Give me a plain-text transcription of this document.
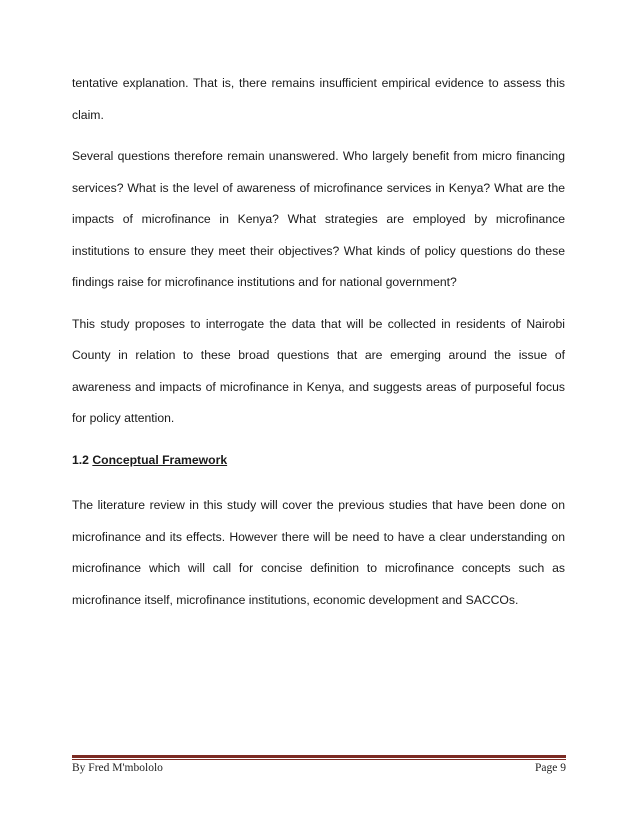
tentative explanation. That is, there remains insufficient empirical evidence to assess this claim.

Several questions therefore remain unanswered. Who largely benefit from micro financing services? What is the level of awareness of microfinance services in Kenya? What are the impacts of microfinance in Kenya? What strategies are employed by microfinance institutions to ensure they meet their objectives? What kinds of policy questions do these findings raise for microfinance institutions and for national government?

This study proposes to interrogate the data that will be collected in residents of Nairobi County in relation to these broad questions that are emerging around the issue of awareness and impacts of microfinance in Kenya, and suggests areas of purposeful focus for policy attention.

1.2 Conceptual Framework

The literature review in this study will cover the previous studies that have been done on microfinance and its effects. However there will be need to have a clear understanding on microfinance which will call for concise definition to microfinance concepts such as microfinance itself, microfinance institutions, economic development and SACCOs.

By Fred M'mbololo	Page 9
